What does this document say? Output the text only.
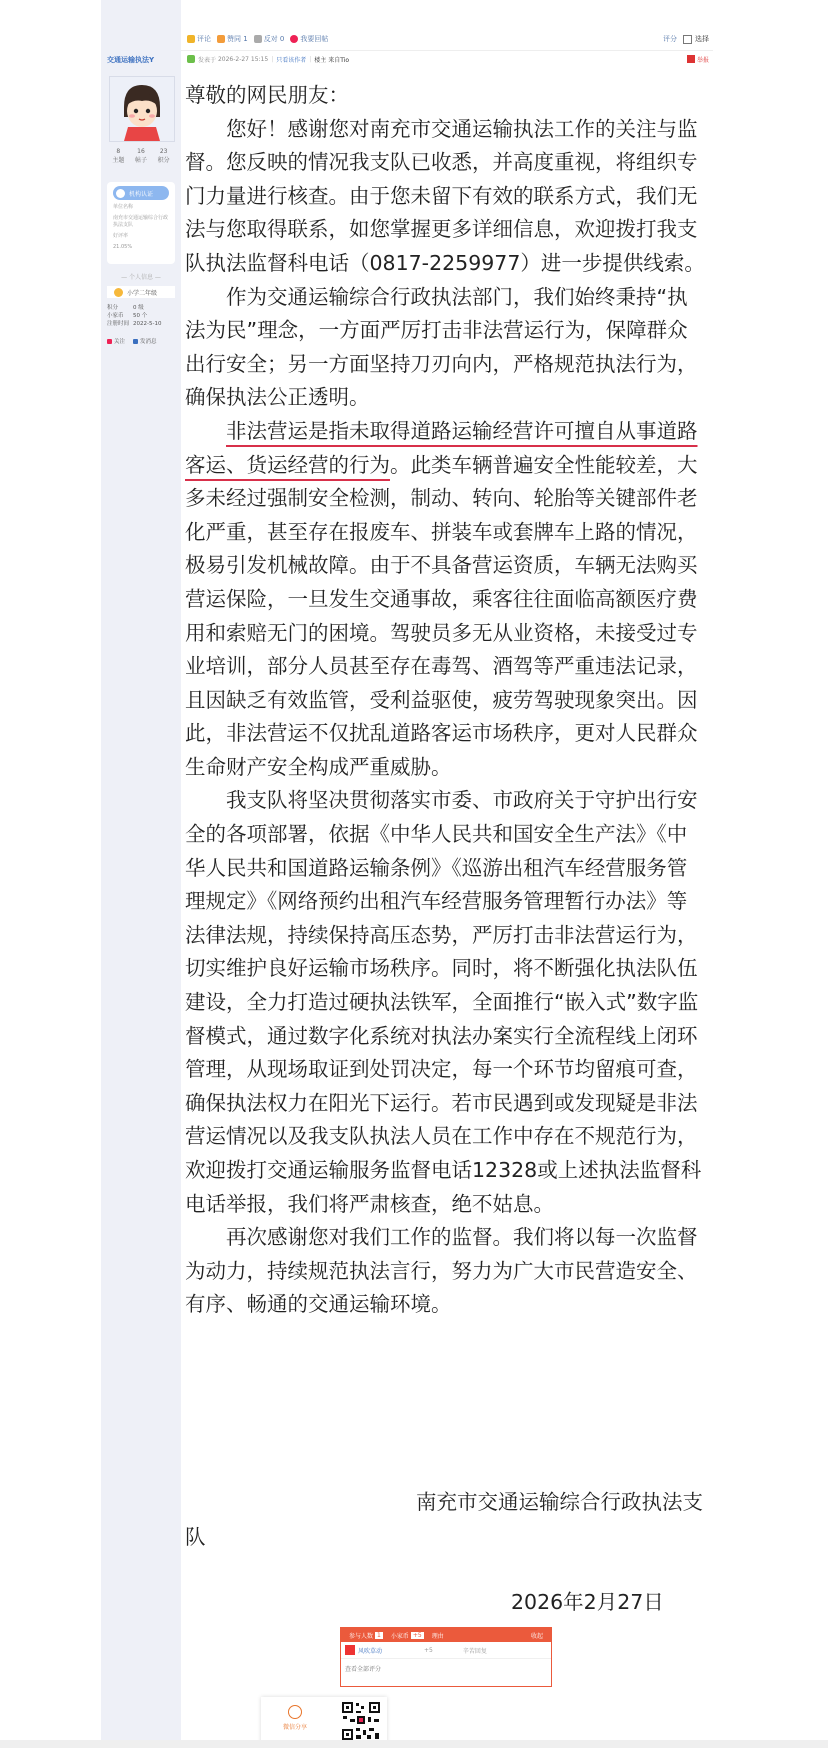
交通运输执法Y
8
主题
16
帖子
23
积分
机构认证

单位名称

南充市交通运输综合行政执法支队

好评率

21.05%

— 个人信息 —
小学二年级
积分	0 级
小家币 50 个
注册时间 2022-5-10
关注	发消息
评论 赞同 1 反对 0 我要回帖	评分	选择
发表于
2026-2-27 15:15 | 只看该作者 | 楼主
来自Tio	举报

尊敬的网民朋友：

您好！感谢您对南充市交通运输执法工作的关注与监督。您反映的情况我支队已收悉，并高度重视，将组织专门力量进行核查。由于您未留下有效的联系方式，我们无法与您取得联系，如您掌握更多详细信息，欢迎拨打我支队执法监督科电话（0817-2259977）进一步提供线索。

作为交通运输综合行政执法部门，我们始终秉持“执法为民”理念，一方面严厉打击非法营运行为，保障群众出行安全；另一方面坚持刀刃向内，严格规范执法行为，确保执法公正透明。

非法营运是指未取得道路运输经营许可擅自从事道路客运、货运经营的行为。此类车辆普遍安全性能较差，大多未经过强制安全检测，制动、转向、轮胎等关键部件老化严重，甚至存在报废车、拼装车或套牌车上路的情况，极易引发机械故障。由于不具备营运资质，车辆无法购买营运保险，一旦发生交通事故，乘客往往面临高额医疗费用和索赔无门的困境。驾驶员多无从业资格，未接受过专业培训，部分人员甚至存在毒驾、酒驾等严重违法记录，且因缺乏有效监管，受利益驱使，疲劳驾驶现象突出。因此，非法营运不仅扰乱道路客运市场秩序，更对人民群众生命财产安全构成严重威胁。

我支队将坚决贯彻落实市委、市政府关于守护出行安全的各项部署，依据《中华人民共和国安全生产法》《中华人民共和国道路运输条例》《巡游出租汽车经营服务管理规定》《网络预约出租汽车经营服务管理暂行办法》等法律法规，持续保持高压态势，严厉打击非法营运行为，切实维护良好运输市场秩序。同时，将不断强化执法队伍建设，全力打造过硬执法铁军，全面推行“嵌入式”数字监督模式，通过数字化系统对执法办案实行全流程线上闭环管理，从现场取证到处罚决定，每一个环节均留痕可查，确保执法权力在阳光下运行。若市民遇到或发现疑是非法营运情况以及我支队执法人员在工作中存在不规范行为，欢迎拨打交通运输服务监督电话12328或上述执法监督科电话举报，我们将严肃核查，绝不姑息。

再次感谢您对我们工作的监督。我们将以每一次监督为动力，持续规范执法言行，努力为广大市民营造安全、有序、畅通的交通运输环境。

南充市交通运输综合行政执法支
队
2026年2月27日
参与人数 1	小家币 +5	理由	收起
风吹草动	+5	辛苦回复
查看全部评分
微信分享
